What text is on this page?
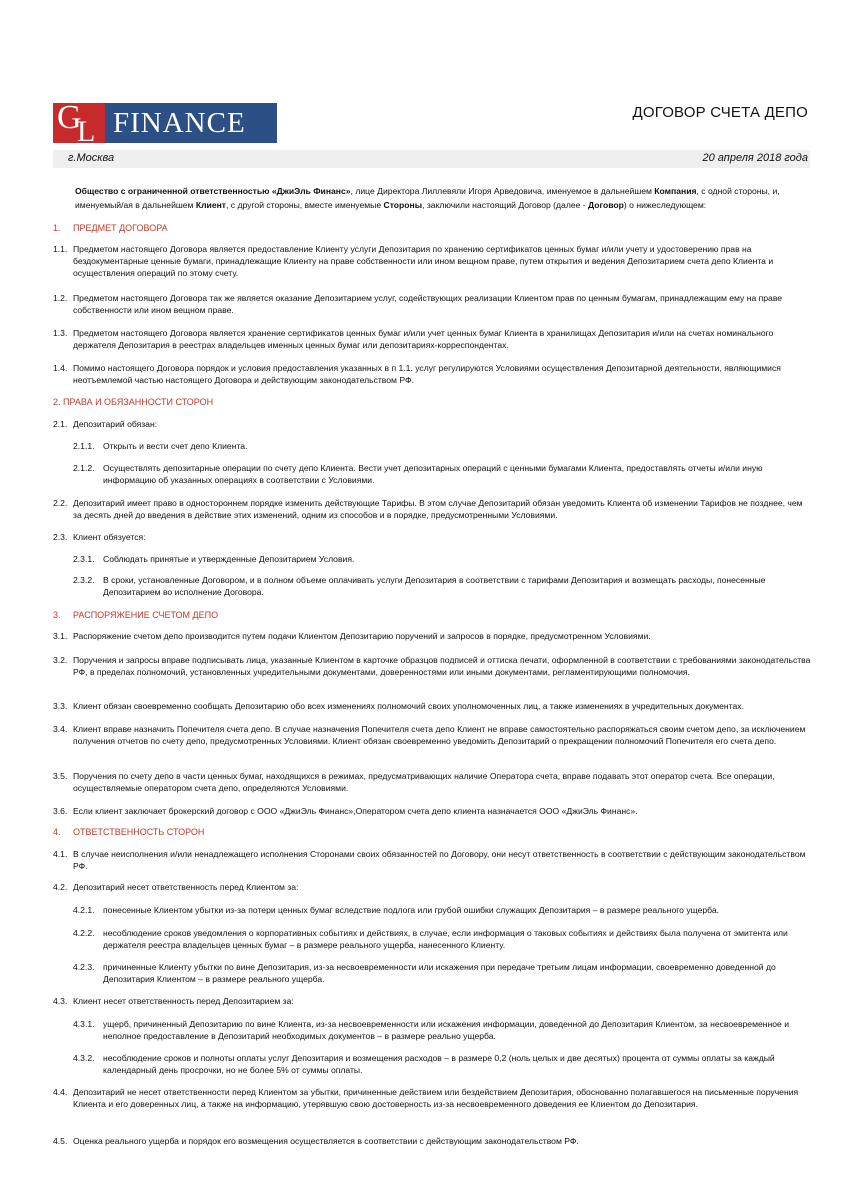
G
L FINANCE	ДОГОВОР СЧЕТА ДЕПО
г.Москва	20 апреля 2018 года
Общество с ограниченной ответственностью «ДжиЭль Финанс», лице Директора Лиллевяли Игоря Арведовича, именуемое в дальнейшем Компания, с одной стороны, и, именуемый/ая в дальнейшем Клиент, с другой стороны, вместе именуемые Стороны, заключили настоящий Договор (далее - Договор) о нижеследующем:
1. ПРЕДМЕТ ДОГОВОРА
1.1. Предметом настоящего Договора является предоставление Клиенту услуги Депозитария по хранению сертификатов ценных бумаг и/или учету и удостоверению прав на бездокументарные ценные бумаги, принадлежащие Клиенту на праве собственности или ином вещном праве, путем открытия и ведения Депозитарием счета депо Клиента и осуществления операций по этому счету.
1.2. Предметом настоящего Договора так же является оказание Депозитарием услуг, содействующих реализации Клиентом прав по ценным бумагам, принадлежащим ему на праве собственности или ином вещном праве.
1.3. Предметом настоящего Договора является хранение сертификатов ценных бумаг и/или учет ценных бумаг Клиента в хранилищах Депозитария и/или на счетах номинального держателя Депозитария в реестрах владельцев именных ценных бумаг или депозитариях-корреспондентах.
1.4. Помимо настоящего Договора порядок и условия предоставления указанных в п 1.1. услуг регулируются Условиями осуществления Депозитарной деятельности, являющимися неотъемлемой частью настоящего Договора и действующим законодательством РФ.
2. ПРАВА И ОБЯЗАННОСТИ СТОРОН
2.1. Депозитарий обязан:
2.1.1. Открыть и вести счет депо Клиента.
2.1.2. Осуществлять депозитарные операции по счету депо Клиента. Вести учет депозитарных операций с ценными бумагами Клиента, предоставлять отчеты и/или иную информацию об указанных операциях в соответствии с Условиями.
2.2. Депозитарий имеет право в одностороннем порядке изменить действующие Тарифы. В этом случае Депозитарий обязан уведомить Клиента об изменении Тарифов не позднее, чем за десять дней до введения в действие этих изменений, одним из способов и в порядке, предусмотренными Условиями.
2.3. Клиент обязуется:
2.3.1. Соблюдать принятые и утвержденные Депозитарием Условия.
2.3.2. В сроки, установленные Договором, и в полном объеме оплачивать услуги Депозитария в соответствии с тарифами Депозитария и возмещать расходы, понесенные Депозитарием во исполнение Договора.
3. РАСПОРЯЖЕНИЕ СЧЕТОМ ДЕПО
3.1. Распоряжение счетом депо производится путем подачи Клиентом Депозитарию поручений и запросов в порядке, предусмотренном Условиями.
3.2. Поручения и запросы вправе подписывать лица, указанные Клиентом в карточке образцов подписей и оттиска печати, оформленной в соответствии с требованиями законодательства РФ, в пределах полномочий, установленных учредительными документами, доверенностями или иными документами, регламентирующими полномочия.
3.3. Клиент обязан своевременно сообщать Депозитарию обо всех изменениях полномочий своих уполномоченных лиц, а также изменениях в учредительных документах.
3.4. Клиент вправе назначить Попечителя счета депо. В случае назначения Попечителя счета депо Клиент не вправе самостоятельно распоряжаться своим счетом депо, за исключением получения отчетов по счету депо, предусмотренных Условиями. Клиент обязан своевременно уведомить Депозитарий о прекращении полномочий Попечителя его счета депо.
3.5. Поручения по счету депо в части ценных бумаг, находящихся в режимах, предусматривающих наличие Оператора счета, вправе подавать этот оператор счета. Все операции, осуществляемые оператором счета депо, определяются Условиями.
3.6. Если клиент заключает брокерский договор с ООО «ДжиЭль Финанс»,Оператором счета депо клиента назначается ООО «ДжиЭль Финанс».
4. ОТВЕТСТВЕННОСТЬ СТОРОН
4.1. В случае неисполнения и/или ненадлежащего исполнения Сторонами своих обязанностей по Договору, они несут ответственность в соответствии с действующим законодательством РФ.
4.2. Депозитарий несет ответственность перед Клиентом за:
4.2.1. понесенные Клиентом убытки из-за потери ценных бумаг вследствие подлога или грубой ошибки служащих Депозитария – в размере реального ущерба.
4.2.2. несоблюдение сроков уведомления о корпоративных событиях и действиях, в случае, если информация о таковых событиях и действиях была получена от эмитента или держателя реестра владельцев ценных бумаг – в размере реального ущерба, нанесенного Клиенту.
4.2.3. причиненные Клиенту убытки по вине Депозитария, из-за несвоевременности или искажения при передаче третьим лицам информации, своевременно доведенной до Депозитария Клиентом – в размере реального ущерба.
4.3. Клиент несет ответственность перед Депозитарием за:
4.3.1. ущерб, причиненный Депозитарию по вине Клиента, из-за несвоевременности или искажения информации, доведенной до Депозитария Клиентом, за несвоевременное и неполное предоставление в Депозитарий необходимых документов – в размере реально ущерба.
4.3.2. несоблюдение сроков и полноты оплаты услуг Депозитария и возмещения расходов – в размере 0,2 (ноль целых и две десятых) процента от суммы оплаты за каждый календарный день просрочки, но не более 5% от суммы оплаты.
4.4. Депозитарий не несет ответственности перед Клиентом за убытки, причиненные действием или бездействием Депозитария, обоснованно полагавшегося на письменные поручения Клиента и его доверенных лиц, а также на информацию, утерявшую свою достоверность из-за несвоевременного доведения ее Клиентом до Депозитария.
4.5. Оценка реального ущерба и порядок его возмещения осуществляется в соответствии с действующим законодательством РФ.
